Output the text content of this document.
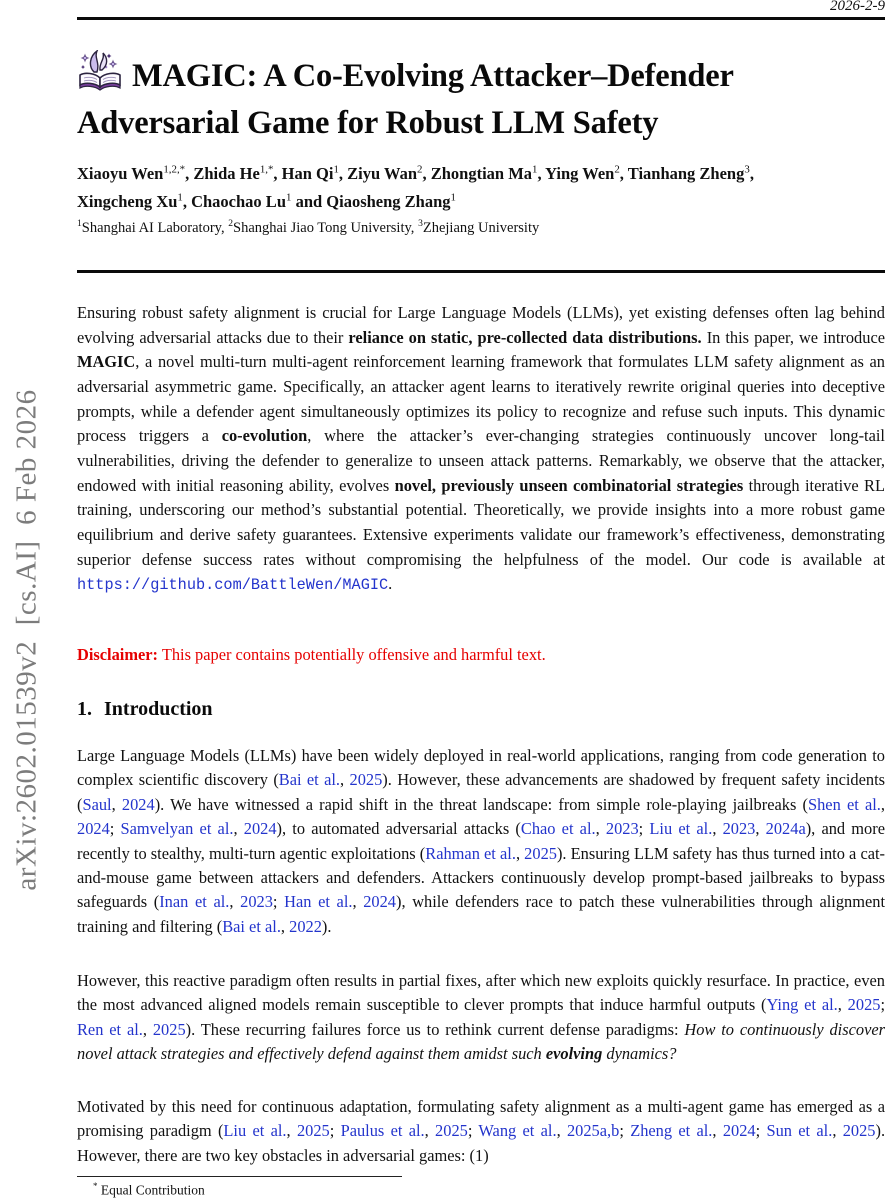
arXiv:2602.01539v2  [cs.AI]  6 Feb 2026
2026-2-9
MAGIC: A Co-Evolving Attacker–Defender
Adversarial Game for Robust LLM Safety
Xiaoyu Wen$^{1,2,*}$, Zhida $He^{1,*}$, Han Qi$^1$, Ziyu Wan$^2$, Zhongtian Ma$^1$, Ying Wen$^2$, Tianhang Zheng$^3$,
Xingcheng Xu$^1$, Chaochao Lu$^1$ and Qiaosheng Zhang$^1$
$^1$Shanghai AI Laboratory, $^2$Shanghai Jiao Tong University, $^3$Zhejiang University
Ensuring robust safety alignment is crucial for Large Language Models (LLMs), yet existing defenses often lag behind evolving adversarial attacks due to their reliance on static, pre-collected data distributions. In this paper, we introduce MAGIC, a novel multi-turn multi-agent reinforcement learning framework that formulates LLM safety alignment as an adversarial asymmetric game. Specifically, an attacker agent learns to iteratively rewrite original queries into deceptive prompts, while a defender agent simultaneously optimizes its policy to recognize and refuse such inputs. This dynamic process triggers a co-evolution, where the attacker’s ever-changing strategies continuously uncover long-tail vulnerabilities, driving the defender to generalize to unseen attack patterns. Remarkably, we observe that the attacker, endowed with initial reasoning ability, evolves novel, previously unseen combinatorial strategies through iterative RL training, underscoring our method’s substantial potential. Theoretically, we provide insights into a more robust game equilibrium and derive safety guarantees. Extensive experiments validate our framework’s effectiveness, demonstrating superior defense success rates without compromising the helpfulness of the model. Our code is available at https://github.com/BattleWen/MAGIC.
Disclaimer: This paper contains potentially offensive and harmful text.
1. Introduction
Large Language Models (LLMs) have been widely deployed in real-world applications, ranging from code generation to complex scientific discovery (Bai et al., 2025). However, these advancements are shadowed by frequent safety incidents (Saul, 2024). We have witnessed a rapid shift in the threat landscape: from simple role-playing jailbreaks (Shen et al., 2024; Samvelyan et al., 2024), to automated adversarial attacks (Chao et al., 2023; Liu et al., 2023, 2024a), and more recently to stealthy, multi-turn agentic exploitations (Rahman et al., 2025). Ensuring LLM safety has thus turned into a cat-and-mouse game between attackers and defenders. Attackers continuously develop prompt-based jailbreaks to bypass safeguards (Inan et al., 2023; Han et al., 2024), while defenders race to patch these vulnerabilities through alignment training and filtering (Bai et al., 2022).
However, this reactive paradigm often results in partial fixes, after which new exploits quickly resurface. In practice, even the most advanced aligned models remain susceptible to clever prompts that induce harmful outputs (Ying et al., 2025; Ren et al., 2025). These recurring failures force us to rethink current defense paradigms: How to continuously discover novel attack strategies and effectively defend against them amidst such evolving dynamics?
Motivated by this need for continuous adaptation, formulating safety alignment as a multi-agent game has emerged as a promising paradigm (Liu et al., 2025; Paulus et al., 2025; Wang et al., 2025a,b; Zheng et al., 2024; Sun et al., 2025). However, there are two key obstacles in adversarial games: (1)
* Equal Contribution
